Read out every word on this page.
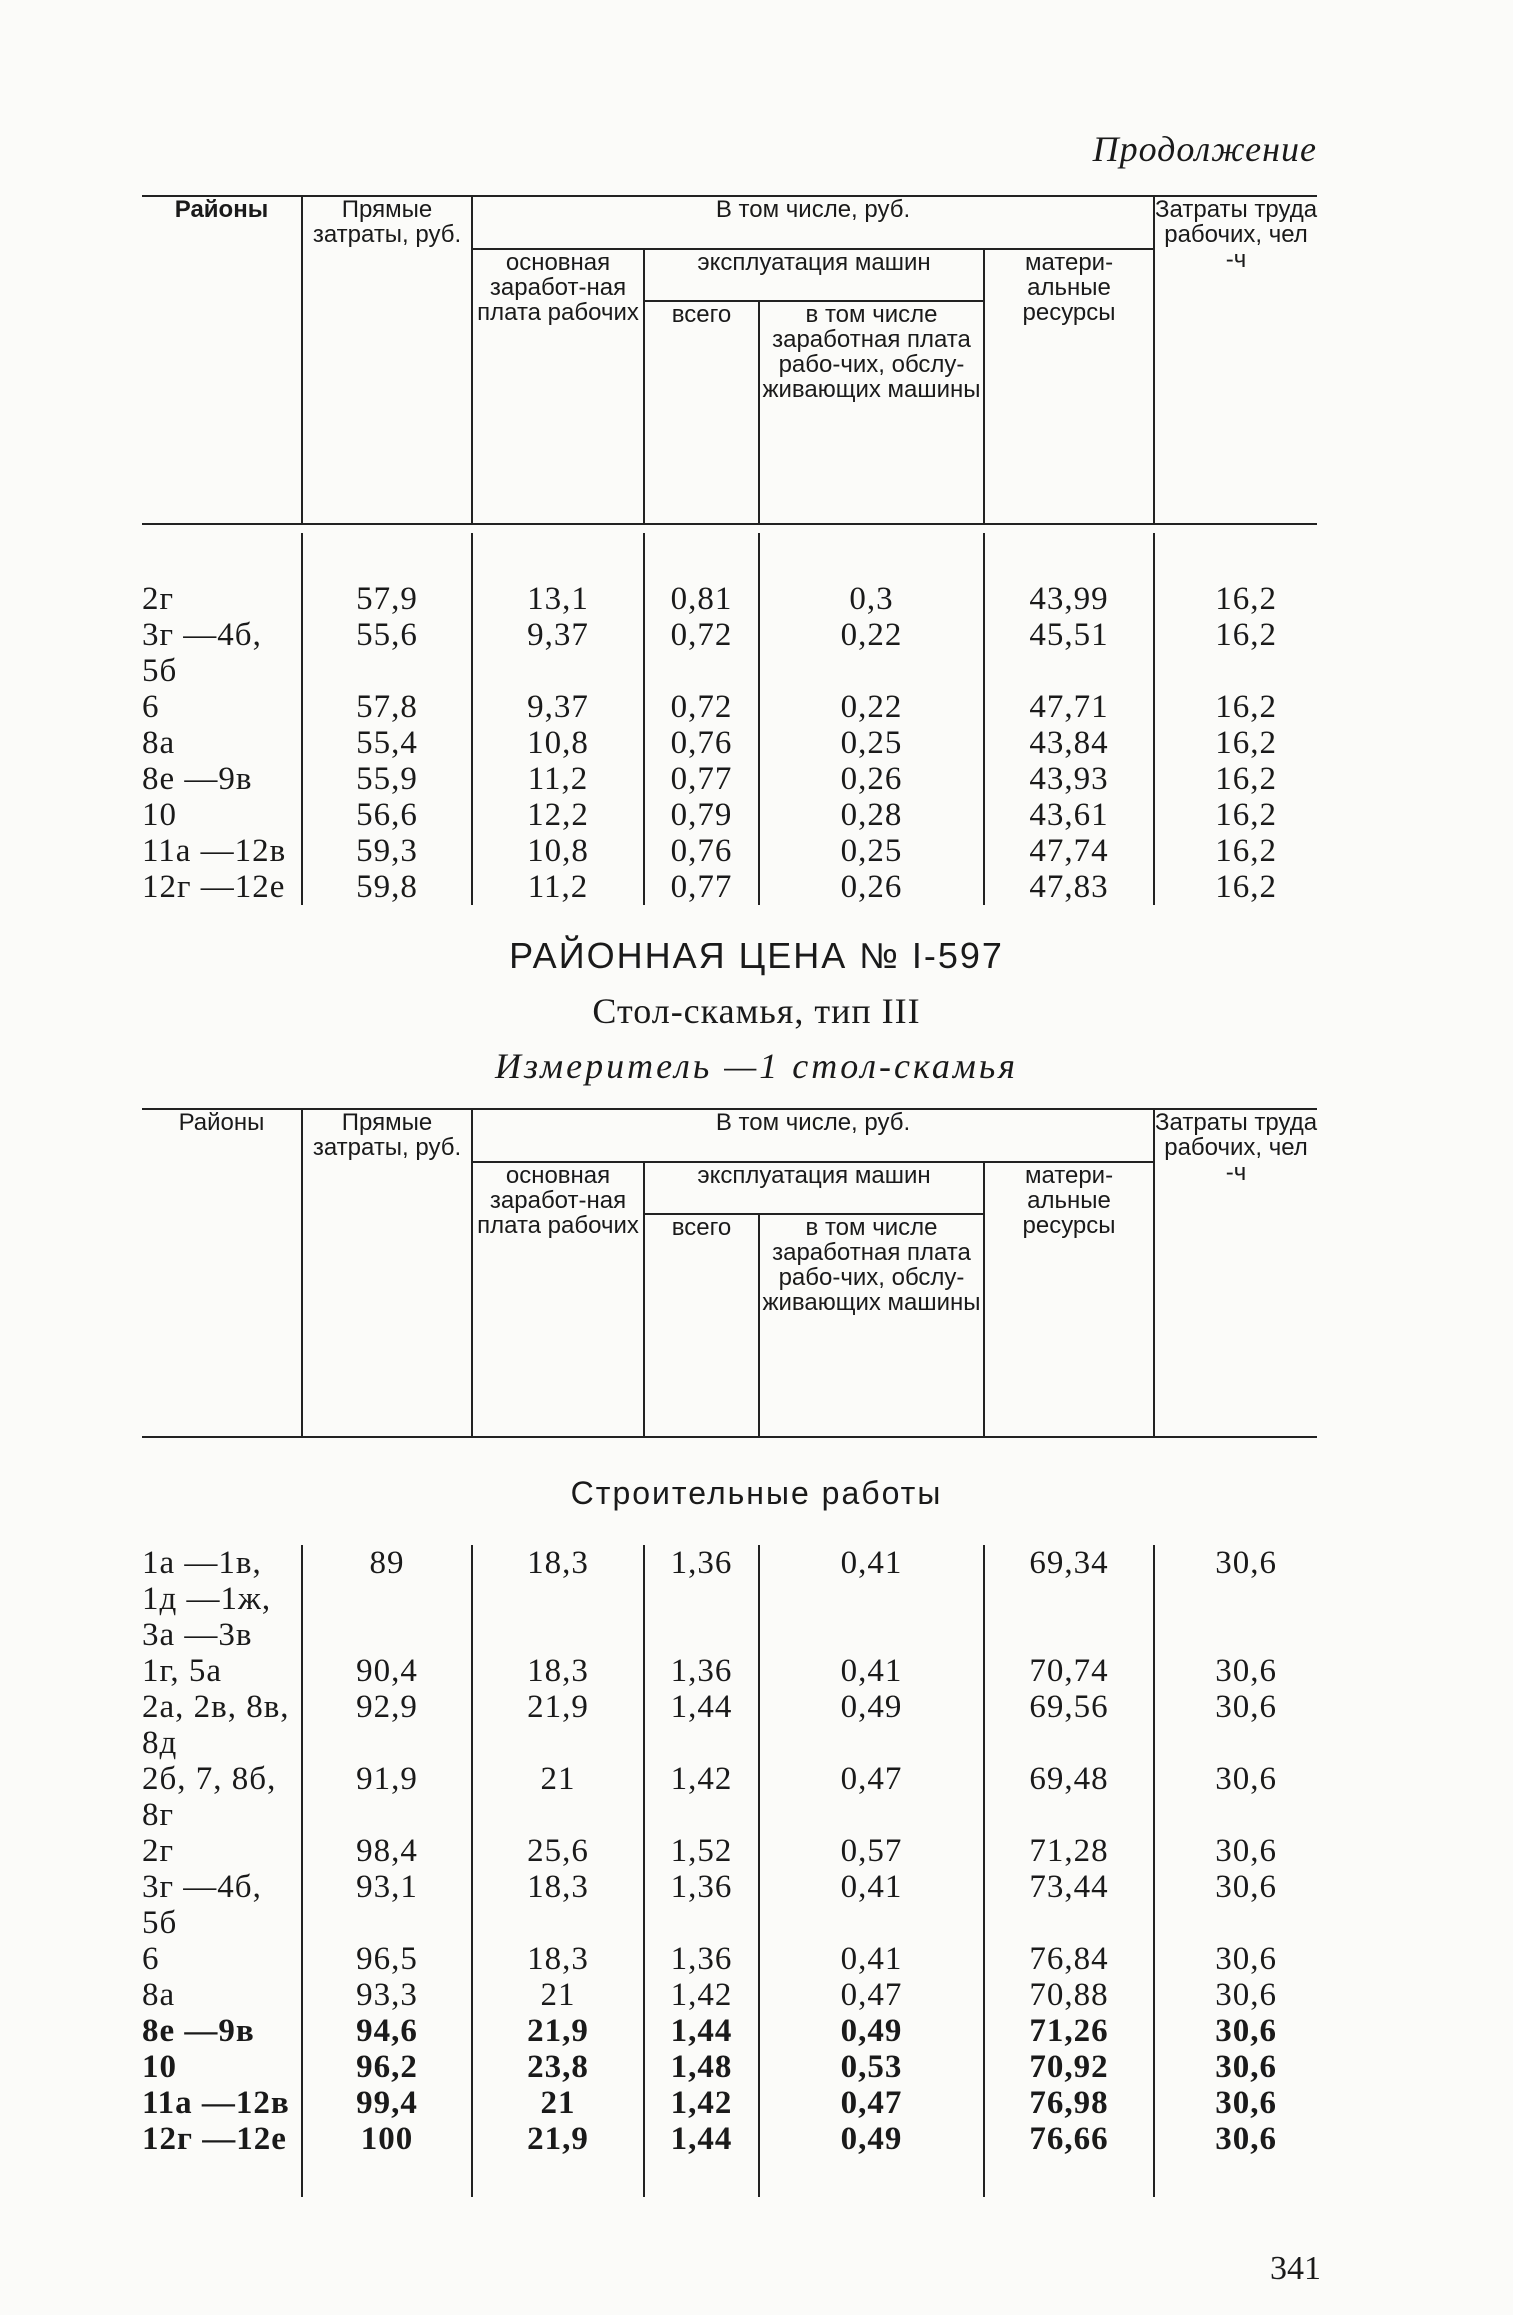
Продолжение
Районы	Прямые затраты, руб.	В том числе, руб.				Затраты труда рабочих, чел -ч
		основная заработ-ная плата рабочих	эксплуатация машин		матери-альные ресурсы	
			всего	в том числе заработная плата рабо-чих, обслу-живающих машины		

2г	57,9	13,1	0,81	0,3	43,99	16,2
3г —4б, 5б	55,6	9,37	0,72	0,22	45,51	16,2
6	57,8	9,37	0,72	0,22	47,71	16,2
8а	55,4	10,8	0,76	0,25	43,84	16,2
8е —9в	55,9	11,2	0,77	0,26	43,93	16,2
10	56,6	12,2	0,79	0,28	43,61	16,2
11а —12в	59,3	10,8	0,76	0,25	47,74	16,2
12г —12е	59,8	11,2	0,77	0,26	47,83	16,2
РАЙОННАЯ ЦЕНА № I-597
Стол-скамья, тип III
Измеритель —1 стол-скамья
Районы	Прямые затраты, руб.	В том числе, руб.				Затраты труда рабочих, чел -ч
		основная заработ-ная плата рабочих	эксплуатация машин		матери-альные ресурсы	
			всего	в том числе заработная плата рабо-чих, обслу-живающих машины		
Строительные работы
1а —1в, 1д —1ж, 3а —3в	89	18,3	1,36	0,41	69,34	30,6
1г, 5а	90,4	18,3	1,36	0,41	70,74	30,6
2а, 2в, 8в, 8д	92,9	21,9	1,44	0,49	69,56	30,6
2б, 7, 8б, 8г	91,9	21	1,42	0,47	69,48	30,6
2г	98,4	25,6	1,52	0,57	71,28	30,6
3г —4б, 5б	93,1	18,3	1,36	0,41	73,44	30,6
6	96,5	18,3	1,36	0,41	76,84	30,6
8а	93,3	21	1,42	0,47	70,88	30,6
8е —9в	94,6	21,9	1,44	0,49	71,26	30,6
10	96,2	23,8	1,48	0,53	70,92	30,6
11а —12в	99,4	21	1,42	0,47	76,98	30,6
12г —12е	100	21,9	1,44	0,49	76,66	30,6

341
